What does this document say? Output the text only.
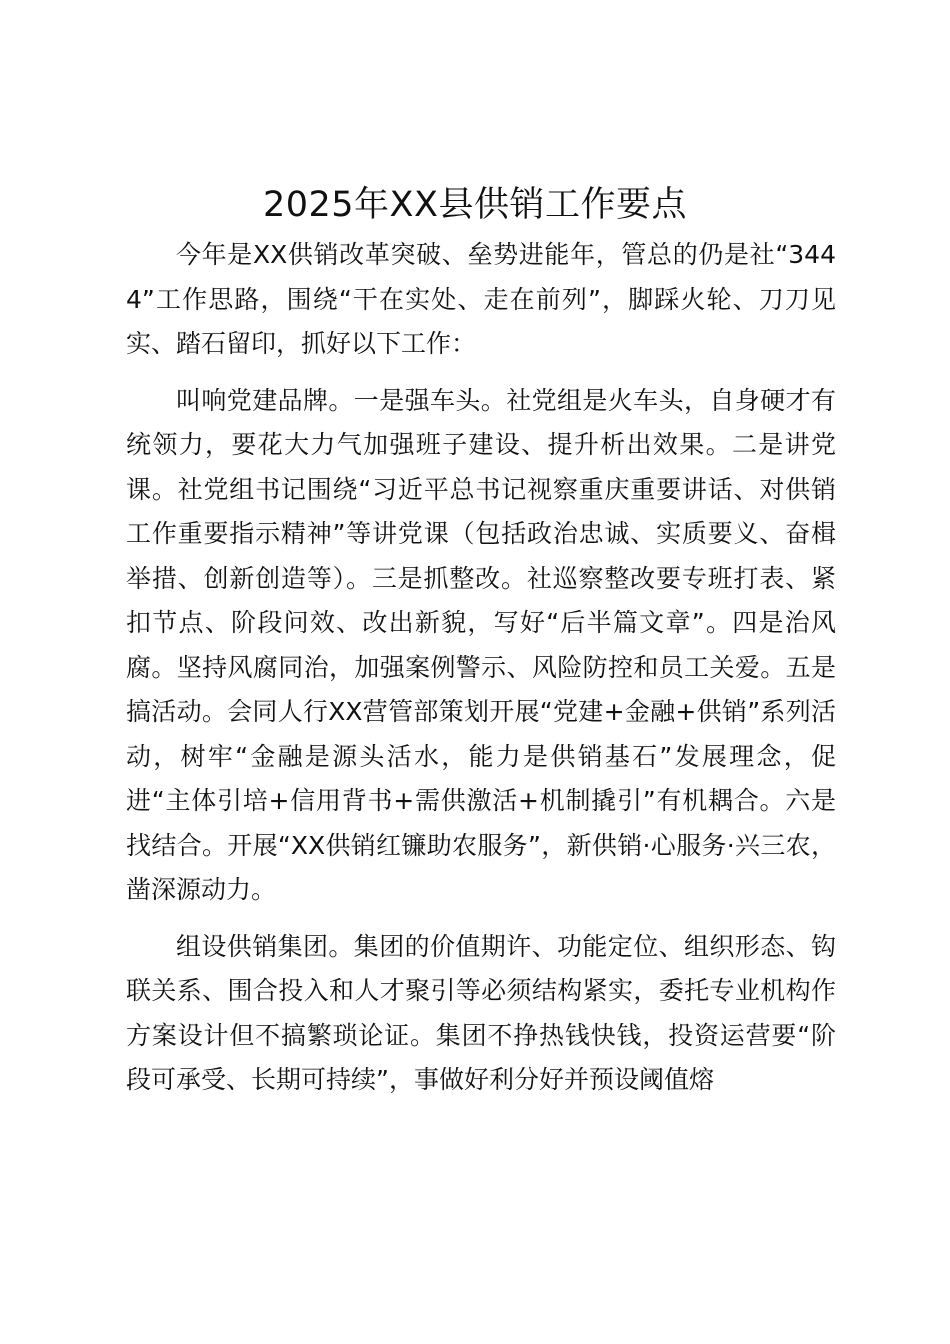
2025年XX县供销工作要点

今年是XX供销改革突破、垒势进能年，管总的仍是社“3444”工作思路，围绕“干在实处、走在前列”，脚踩火轮、刀刀见实、踏石留印，抓好以下工作：

叫响党建品牌。一是强车头。社党组是火车头，自身硬才有统领力，要花大力气加强班子建设、提升析出效果。二是讲党课。社党组书记围绕“习近平总书记视察重庆重要讲话、对供销工作重要指示精神”等讲党课（包括政治忠诚、实质要义、奋楫举措、创新创造等）。三是抓整改。社巡察整改要专班打表、紧扣节点、阶段问效、改出新貌，写好“后半篇文章”。四是治风腐。坚持风腐同治，加强案例警示、风险防控和员工关爱。五是搞活动。会同人行XX营管部策划开展“党建+金融+供销”系列活动，树牢“金融是源头活水，能力是供销基石”发展理念，促进“主体引培+信用背书+需供激活+机制撬引”有机耦合。六是找结合。开展“XX供销红镰助农服务”，新供销·心服务·兴三农，凿深源动力。

组设供销集团。集团的价值期许、功能定位、组织形态、钩联关系、围合投入和人才聚引等必须结构紧实，委托专业机构作方案设计但不搞繁琐论证。集团不挣热钱快钱，投资运营要“阶段可承受、长期可持续”，事做好利分好并预设阈值熔
